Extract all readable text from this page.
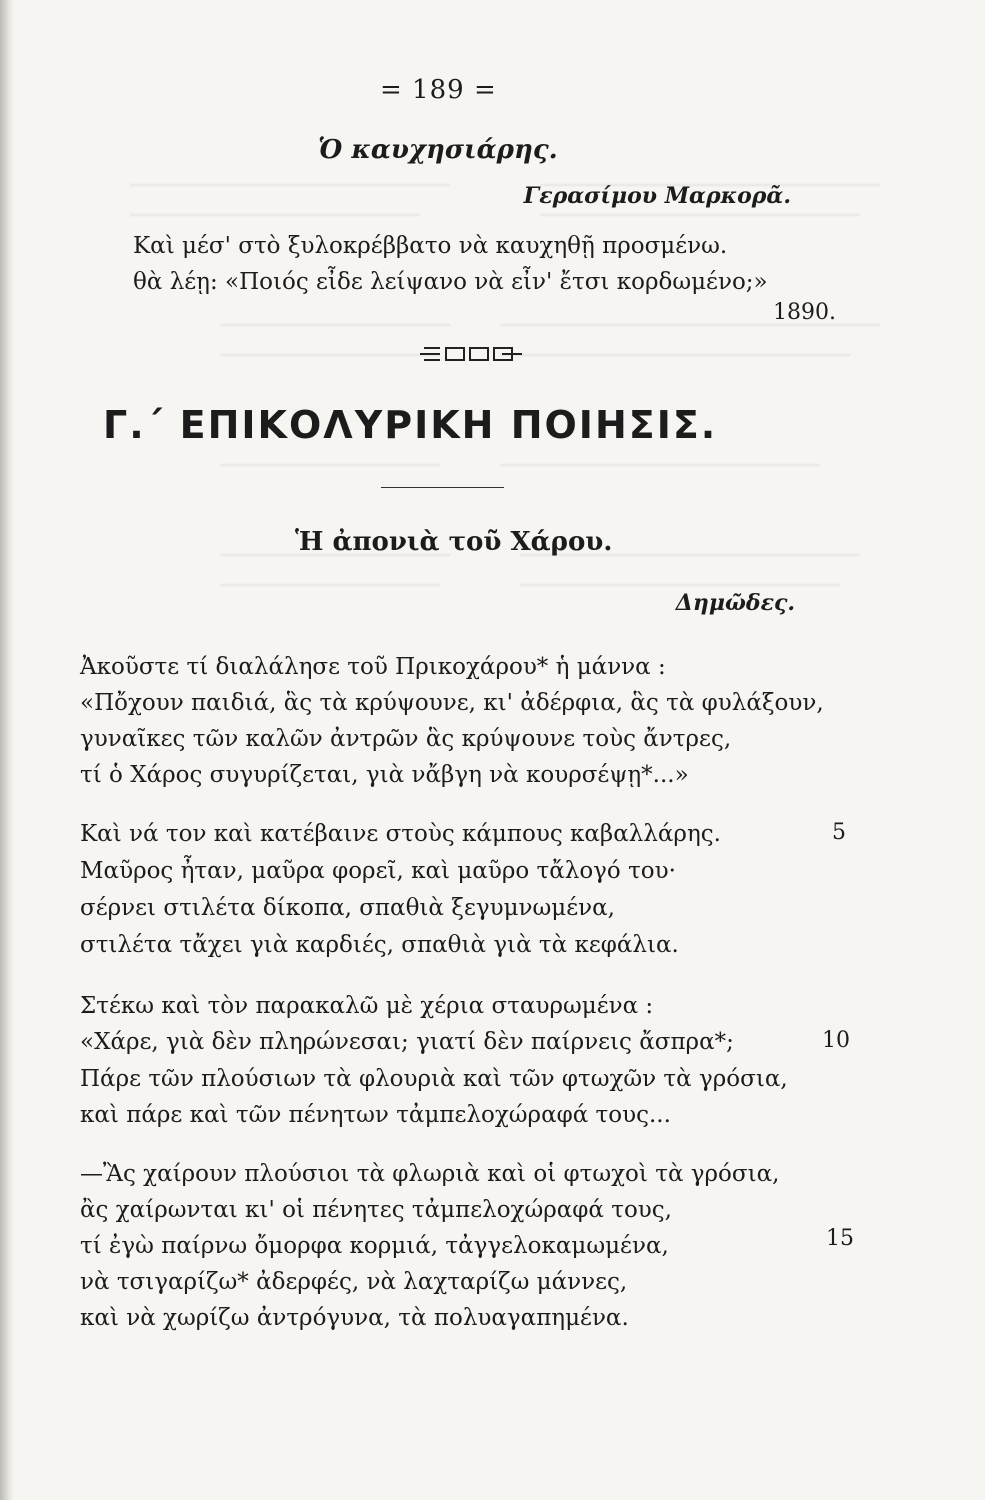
= 189 =
Ὁ καυχησιάρης.
Γερασίμου Μαρκορᾶ.
Καὶ μέσ' στὸ ξυλοκρέββατο νὰ καυχηθῇ προσμένω.
θὰ λέῃ: «Ποιός εἶδε λείψανο νὰ εἶν' ἔτσι κορδωμένο;»
1890.
Γ.΄ ΕΠΙΚΟΛΥΡΙΚΗ ΠΟΙΗΣΙΣ.
Ἡ ἀπονιὰ τοῦ Χάρου.
Δημῶδες.
Ἀκοῦστε τί διαλάλησε τοῦ Πρικοχάρου* ἡ μάννα :
«Πὄχουν παιδιά, ἃς τὰ κρύψουνε, κι' ἀδέρφια, ἃς τὰ φυλάξουν,
γυναῖκες τῶν καλῶν ἀντρῶν ἃς κρύψουνε τοὺς ἄντρες,
τί ὁ Χάρος συγυρίζεται, γιὰ νἄβγη νὰ κουρσέψῃ*...»
Καὶ νά τον καὶ κατέβαινε στοὺς κάμπους καβαλλάρης.	5
Μαῦρος ἦταν, μαῦρα φορεῖ, καὶ μαῦρο τἄλογό του·
σέρνει στιλέτα δίκοπα, σπαθιὰ ξεγυμνωμένα,
στιλέτα τἄχει γιὰ καρδιές, σπαθιὰ γιὰ τὰ κεφάλια.
Στέκω καὶ τὸν παρακαλῶ μὲ χέρια σταυρωμένα :
«Χάρε, γιὰ δὲν πληρώνεσαι; γιατί δὲν παίρνεις ἄσπρα*;	10
Πάρε τῶν πλούσιων τὰ φλουριὰ καὶ τῶν φτωχῶν τὰ γρόσια,
καὶ πάρε καὶ τῶν πένητων τἀμπελοχώραφά τους...
—Ἂς χαίρουν πλούσιοι τὰ φλωριὰ καὶ οἱ φτωχοὶ τὰ γρόσια,
ἂς χαίρωνται κι' οἱ πένητες τἀμπελοχώραφά τους,
τί ἐγὼ παίρνω ὄμορφα κορμιά, τἀγγελοκαμωμένα,	15
νὰ τσιγαρίζω* ἀδερφές, νὰ λαχταρίζω μάννες,
καὶ νὰ χωρίζω ἀντρόγυνα, τὰ πολυαγαπημένα.
